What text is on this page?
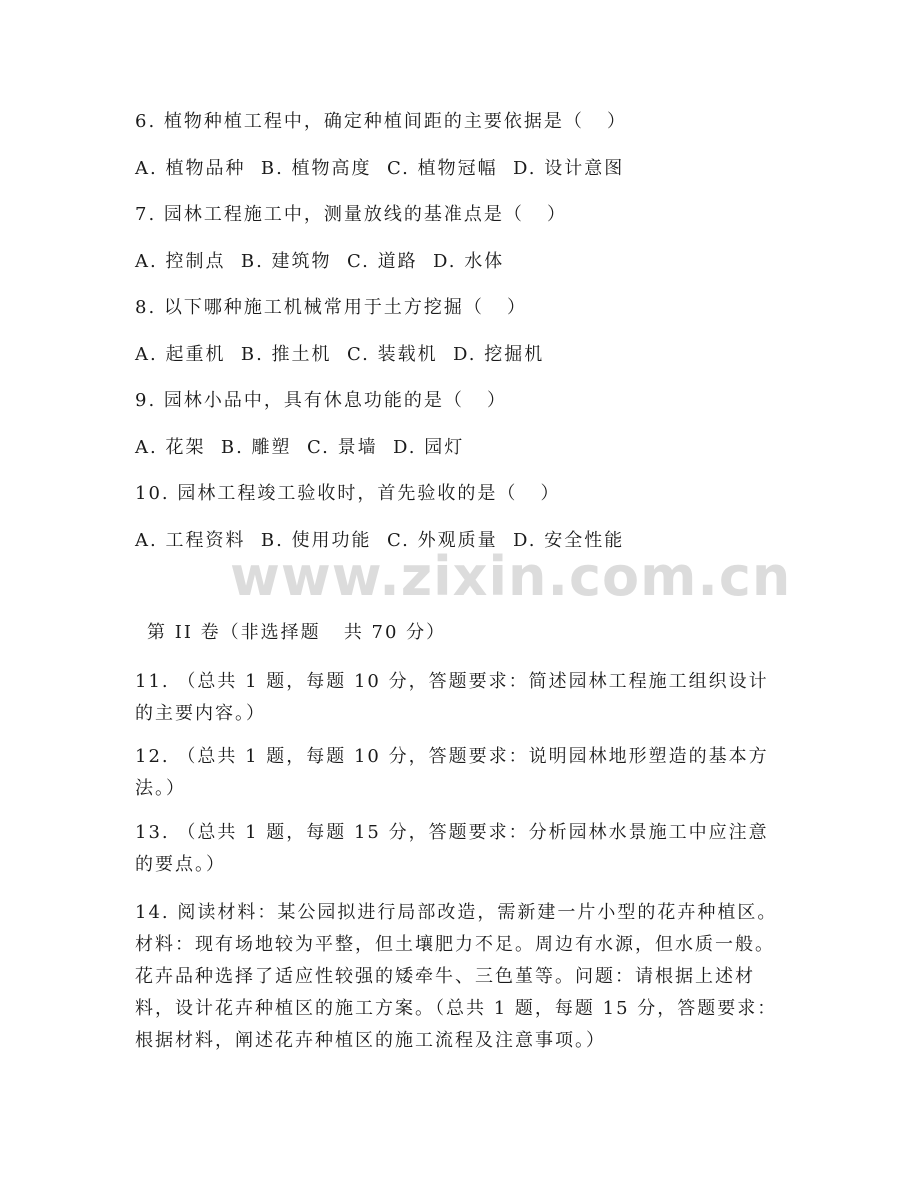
www.zixin.com.cn
6. 植物种植工程中，确定种植间距的主要依据是（   ）
A. 植物品种  B. 植物高度  C. 植物冠幅  D. 设计意图
7. 园林工程施工中，测量放线的基准点是（   ）
A. 控制点  B. 建筑物  C. 道路  D. 水体
8. 以下哪种施工机械常用于土方挖掘（   ）
A. 起重机  B. 推土机  C. 装载机  D. 挖掘机
9. 园林小品中，具有休息功能的是（   ）
A. 花架  B. 雕塑  C. 景墙  D. 园灯
10. 园林工程竣工验收时，首先验收的是（   ）
A. 工程资料  B. 使用功能  C. 外观质量  D. 安全性能
第 II 卷（非选择题   共 70 分）
11. （总共 1 题，每题 10 分，答题要求：简述园林工程施工组织设计的主要内容。）
12. （总共 1 题，每题 10 分，答题要求：说明园林地形塑造的基本方法。）
13. （总共 1 题，每题 15 分，答题要求：分析园林水景施工中应注意的要点。）
14. 阅读材料：某公园拟进行局部改造，需新建一片小型的花卉种植区。材料：现有场地较为平整，但土壤肥力不足。周边有水源，但水质一般。花卉品种选择了适应性较强的矮牵牛、三色堇等。问题：请根据上述材料，设计花卉种植区的施工方案。（总共 1 题，每题 15 分，答题要求：根据材料，阐述花卉种植区的施工流程及注意事项。）
